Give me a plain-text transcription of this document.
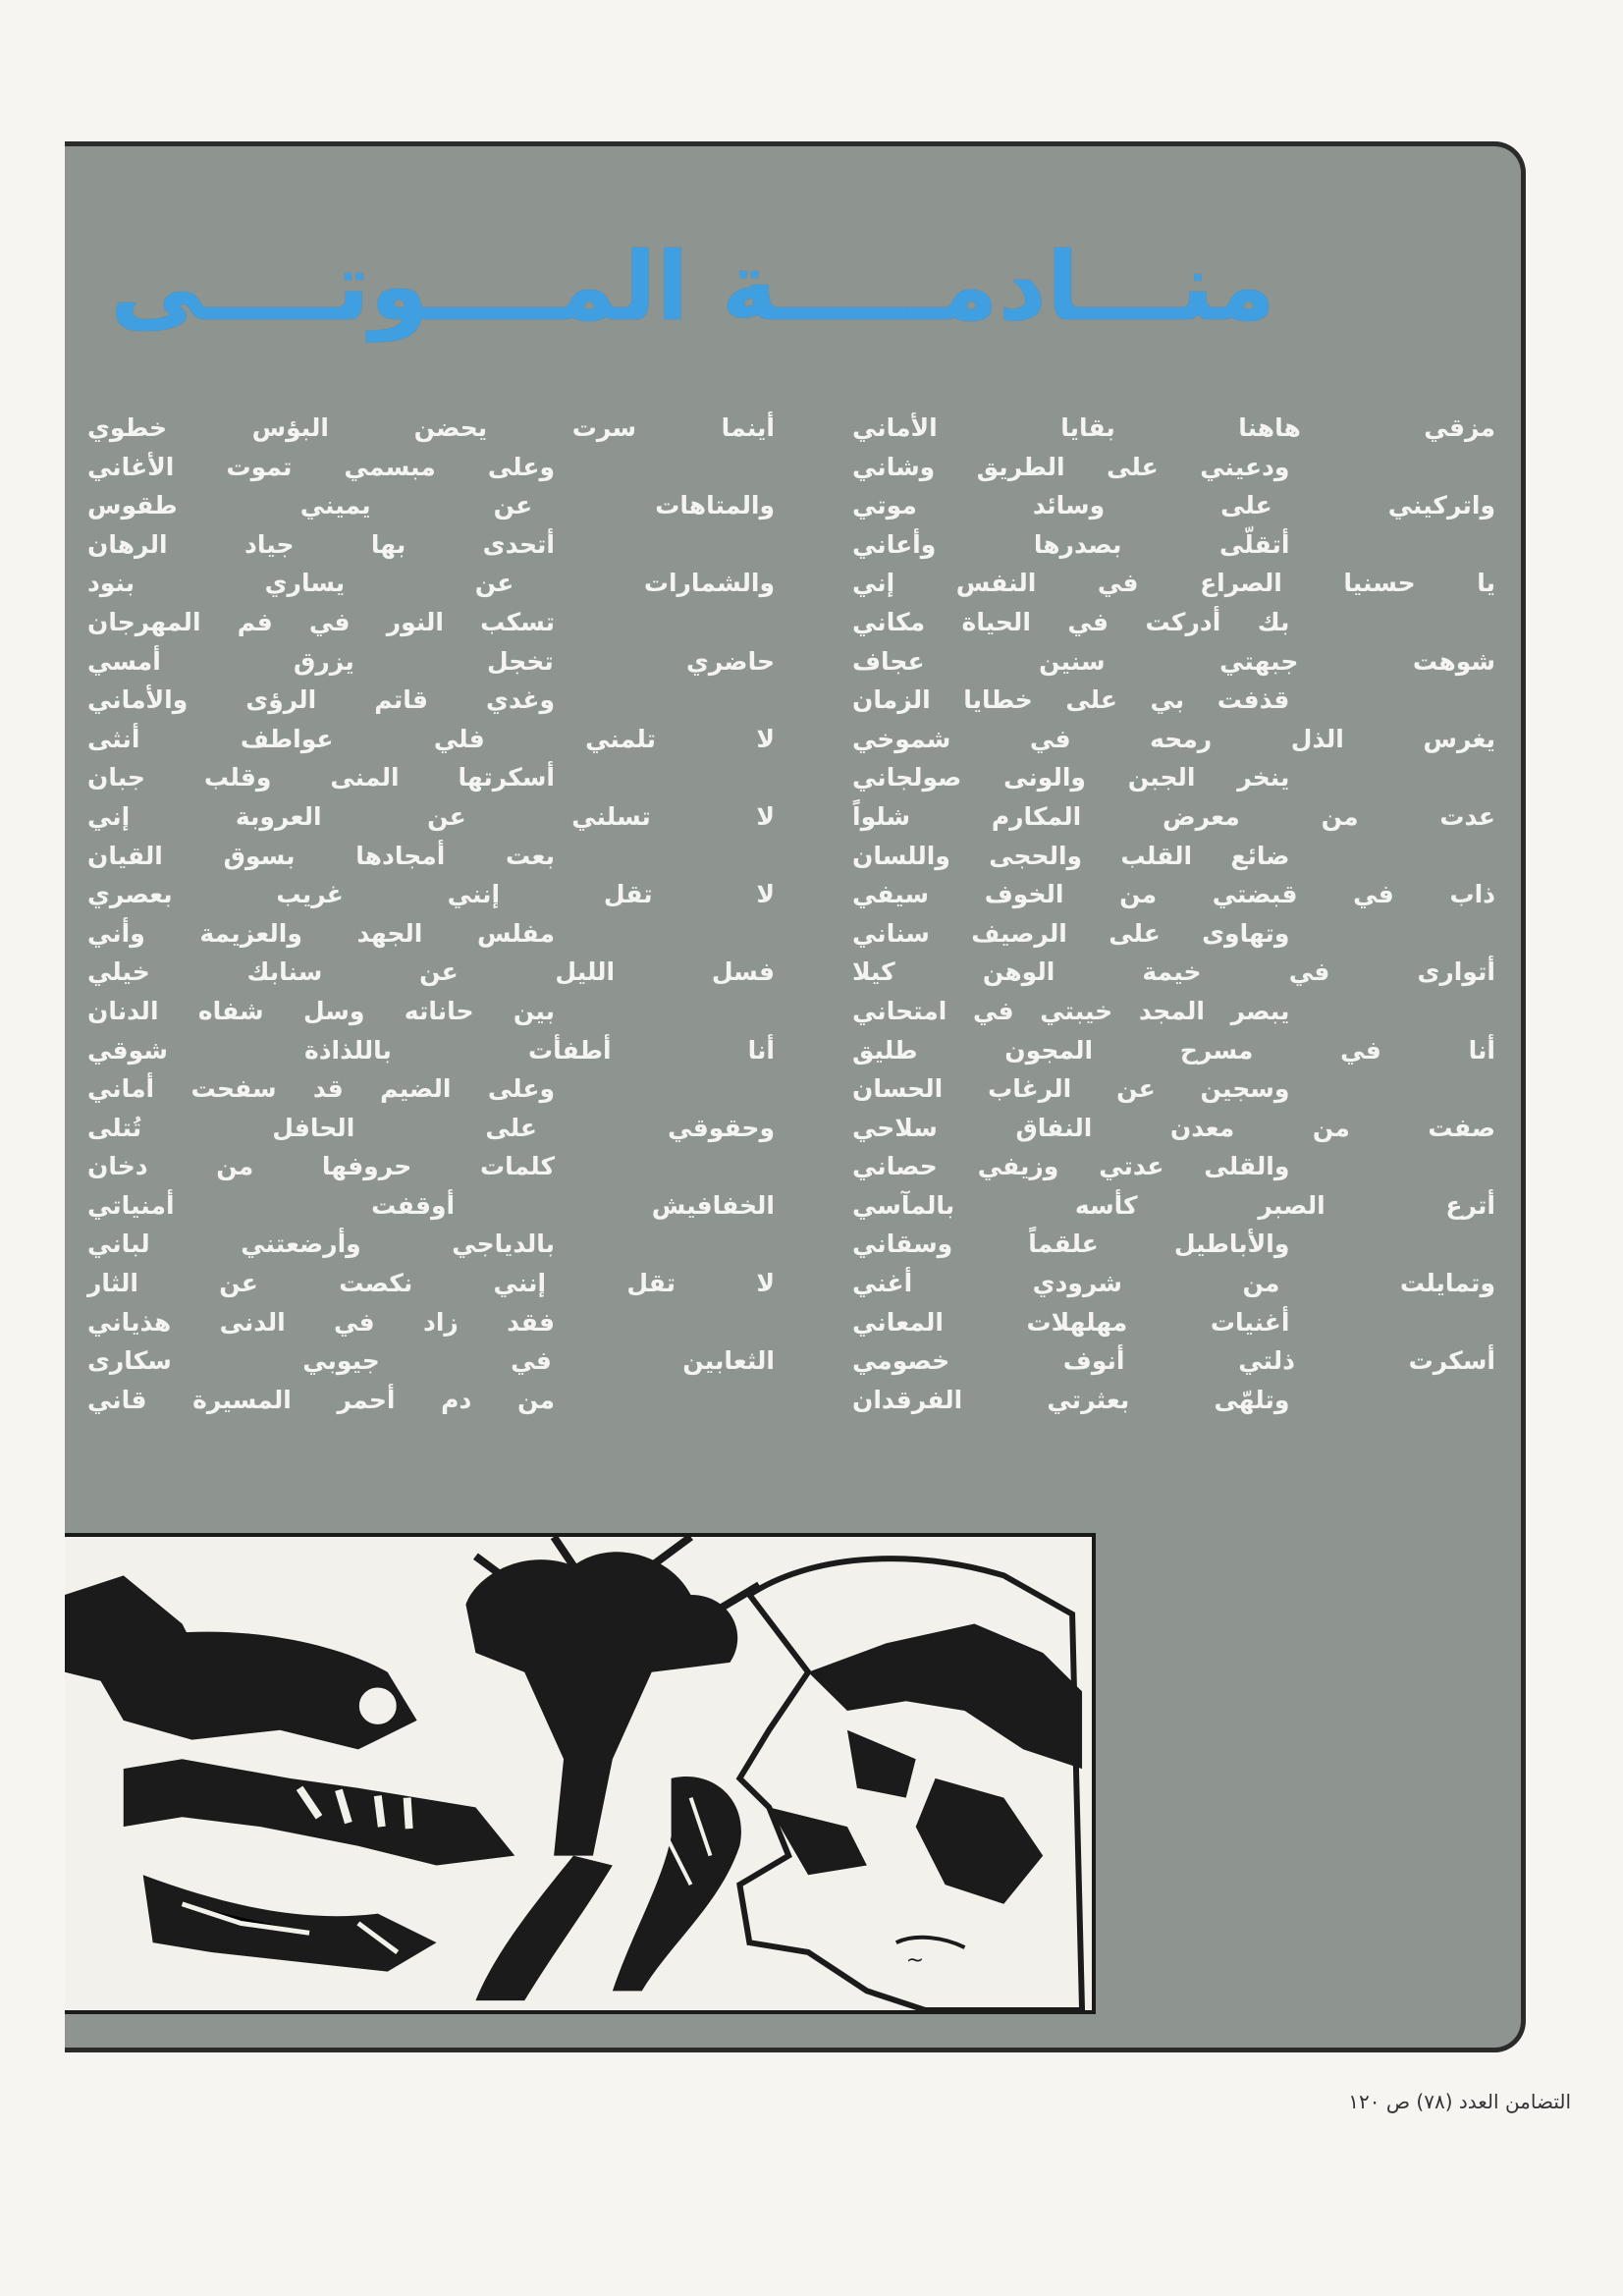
منـــادمـــــة المــــوتــــى
مزقي هاهنا بقايا الأماني
ودعيني على الطريق وشاني
واتركيني على وسائد موتي
أتقلّى بصدرها وأعاني
يا حسنيا الصراع في النفس إني
بك أدركت في الحياة مكاني
شوهت جبهتي سنين عجاف
قذفت بي على خطايا الزمان
يغرس الذل رمحه في شموخي
ينخر الجبن والونى صولجاني
عدت من معرض المكارم شلواً
ضائع القلب والحجى واللسان
ذاب في قبضتي من الخوف سيفي
وتهاوى على الرصيف سناني
أتوارى في خيمة الوهن كيلا
يبصر المجد خيبتي في امتحاني
أنا في مسرح المجون طليق
وسجين عن الرغاب الحسان
صفت من معدن النفاق سلاحي
والقلى عدتي وزيفي حصاني
أترع الصبر كأسه بالمآسي
والأباطيل علقماً وسقاني
وتمايلت من شرودي أغني
أغنيات مهلهلات المعاني
أسكرت ذلتي أنوف خصومي
وتلهّى بعثرتي الفرقدان
أينما سرت يحضن البؤس خطوي
وعلى مبسمي تموت الأغاني
والمتاهات عن يميني طقوس
أتحدى بها جياد الرهان
والشمارات عن يساري بنود
تسكب النور في فم المهرجان
حاضري تخجل يزرق أمسي
وغدي قاتم الرؤى والأماني
لا تلمني فلي عواطف أنثى
أسكرتها المنى وقلب جبان
لا تسلني عن العروبة إني
بعت أمجادها بسوق القيان
لا تقل إنني غريب بعصري
مفلس الجهد والعزيمة وأني
فسل الليل عن سنابك خيلي
بين حاناته وسل شفاه الدنان
أنا أطفأت باللذاذة شوقي
وعلى الضيم قد سفحت أماني
وحقوقي على الحافل تُتلى
كلمات حروفها من دخان
الخفافيش أوقفت أمنياتي
بالدياجي وأرضعتني لباني
لا تقل إنني نكصت عن الثار
فقد زاد في الدنى هذياني
الثعابين في جيوبي سكارى
من دم أحمر المسيرة قاني
~
التضامن العدد (٧٨) ص ١٢٠
